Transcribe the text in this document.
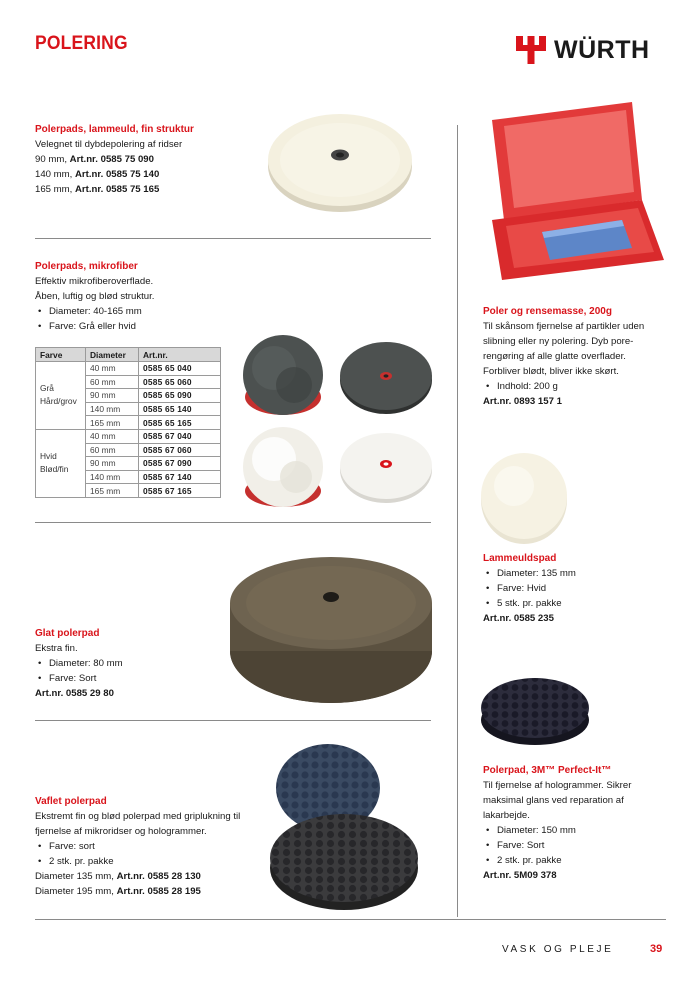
POLERING	WÜRTH
Polerpads, lammeuld, fin struktur
Velegnet til dybdepolering af ridser
90 mm, Art.nr. 0585 75 090
140 mm, Art.nr. 0585 75 140
165 mm, Art.nr. 0585 75 165
Polerpads, mikrofiber
Effektiv mikrofiberoverflade.
Åben, luftig og blød struktur.
• Diameter: 40-165 mm
• Farve: Grå eller hvid
Farve	Diameter	Art.nr.

Grå
Hård/grov	40 mm	0585 65 040
	60 mm	0585 65 060
	90 mm	0585 65 090
	140 mm	0585 65 140
	165 mm	0585 65 165

Hvid
Blød/fin	40 mm	0585 67 040
	60 mm	0585 67 060
	90 mm	0585 67 090
	140 mm	0585 67 140
	165 mm	0585 67 165
Glat polerpad
Ekstra fin.
• Diameter: 80 mm
• Farve: Sort
Art.nr. 0585 29 80
Vaflet polerpad
Ekstremt fin og blød polerpad med griplukning til
fjernelse af mikroridser og hologrammer.
• Farve: sort
• 2 stk. pr. pakke
Diameter 135 mm, Art.nr. 0585 28 130
Diameter 195 mm, Art.nr. 0585 28 195
Poler og rensemasse, 200g
Til skånsom fjernelse af partikler uden
slibning eller ny polering. Dyb pore-
rengøring af alle glatte overflader.
Forbliver blødt, bliver ikke skørt.
• Indhold: 200 g
Art.nr. 0893 157 1
Lammeuldspad
• Diameter: 135 mm
• Farve: Hvid
• 5 stk. pr. pakke
Art.nr. 0585 235
Polerpad, 3M™ Perfect-It™
Til fjernelse af hologrammer. Sikrer
maksimal glans ved reparation af
lakarbejde.
• Diameter: 150 mm
• Farve: Sort
• 2 stk. pr. pakke
Art.nr. 5M09 378
VASK OG PLEJE	39
